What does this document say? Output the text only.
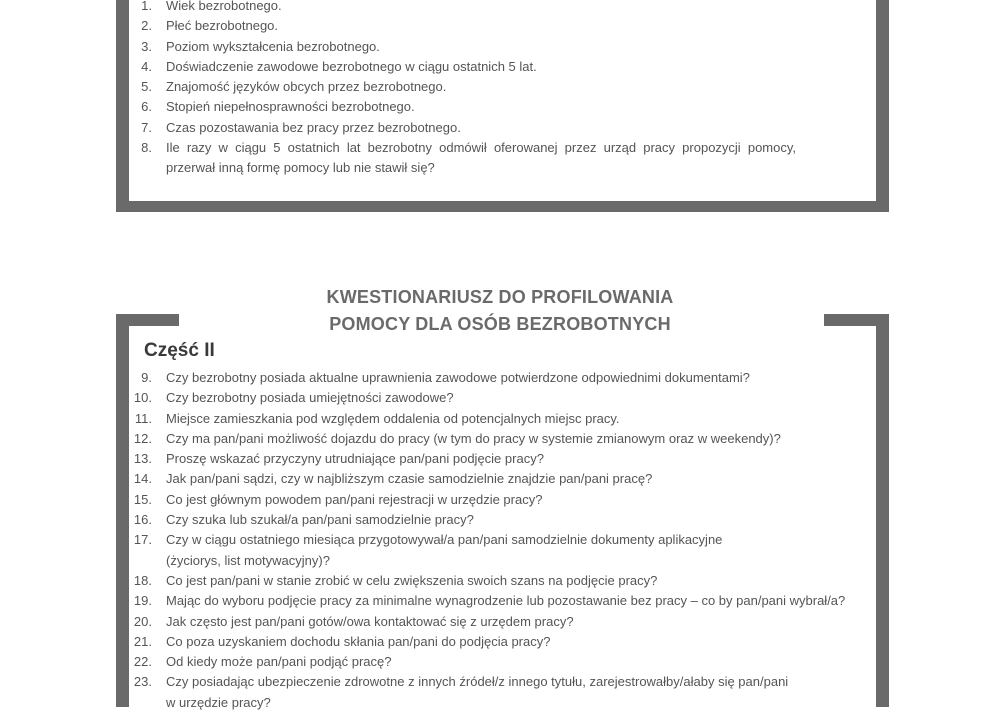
1. Wiek bezrobotnego.
2. Płeć bezrobotnego.
3. Poziom wykształcenia bezrobotnego.
4. Doświadczenie zawodowe bezrobotnego w ciągu ostatnich 5 lat.
5. Znajomość języków obcych przez bezrobotnego.
6. Stopień niepełnosprawności bezrobotnego.
7. Czas pozostawania bez pracy przez bezrobotnego.
8. Ile razy w ciągu 5 ostatnich lat bezrobotny odmówił oferowanej przez urząd pracy propozycji pomocy, przerwał inną formę pomocy lub nie stawił się?
KWESTIONARIUSZ DO PROFILOWANIA
POMOCY DLA OSÓB BEZROBOTNYCH
Część II
9. Czy bezrobotny posiada aktualne uprawnienia zawodowe potwierdzone odpowiednimi dokumentami?
10. Czy bezrobotny posiada umiejętności zawodowe?
11. Miejsce zamieszkania pod względem oddalenia od potencjalnych miejsc pracy.
12. Czy ma pan/pani możliwość dojazdu do pracy (w tym do pracy w systemie zmianowym oraz w weekendy)?
13. Proszę wskazać przyczyny utrudniające pan/pani podjęcie pracy?
14. Jak pan/pani sądzi, czy w najbliższym czasie samodzielnie znajdzie pan/pani pracę?
15. Co jest głównym powodem pan/pani rejestracji w urzędzie pracy?
16. Czy szuka lub szukał/a pan/pani samodzielnie pracy?
17. Czy w ciągu ostatniego miesiąca przygotowywał/a pan/pani samodzielnie dokumenty aplikacyjne
(życiorys, list motywacyjny)?
18. Co jest pan/pani w stanie zrobić w celu zwiększenia swoich szans na podjęcie pracy?
19. Mając do wyboru podjęcie pracy za minimalne wynagrodzenie lub pozostawanie bez pracy – co by pan/pani wybrał/a?
20. Jak często jest pan/pani gotów/owa kontaktować się z urzędem pracy?
21. Co poza uzyskaniem dochodu skłania pan/pani do podjęcia pracy?
22. Od kiedy może pan/pani podjąć pracę?
23. Czy posiadając ubezpieczenie zdrowotne z innych źródeł/z innego tytułu, zarejestrowałby/ałaby się pan/pani
w urzędzie pracy?
